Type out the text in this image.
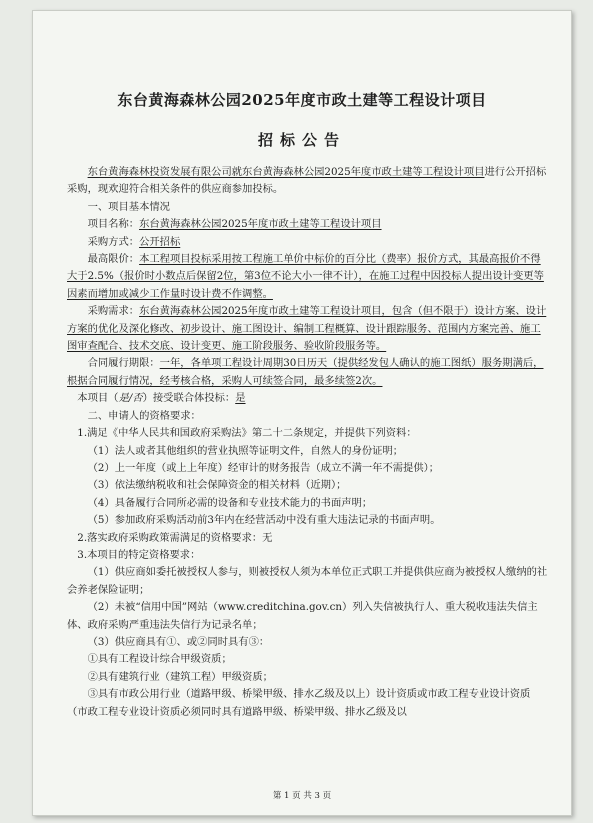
东台黄海森林公园2025年度市政土建等工程设计项目
招标公告

东台黄海森林投资发展有限公司就东台黄海森林公园2025年度市政土建等工程设计项目进行公开招标采购，现欢迎符合相关条件的供应商参加投标。

一、项目基本情况

项目名称：东台黄海森林公园2025年度市政土建等工程设计项目

采购方式：公开招标

最高限价：本工程项目投标采用按工程施工单价中标价的百分比（费率）报价方式，其最高报价不得大于2.5%（报价时小数点后保留2位，第3位不论大小一律不计），在施工过程中因投标人提出设计变更等因素而增加或减少工作量时设计费不作调整。

采购需求：东台黄海森林公园2025年度市政土建等工程设计项目，包含（但不限于）设计方案、设计方案的优化及深化修改、初步设计、施工图设计、编制工程概算、设计跟踪服务、范围内方案完善、施工图审查配合、技术交底、设计变更、施工阶段服务、验收阶段服务等。

合同履行期限：一年，各单项工程设计周期30日历天（提供经发包人确认的施工图纸）服务期满后，根据合同履行情况，经考核合格，采购人可续签合同，最多续签2次。

本项目（是/否）接受联合体投标：是

二、申请人的资格要求：

1.满足《中华人民共和国政府采购法》第二十二条规定，并提供下列资料：

（1）法人或者其他组织的营业执照等证明文件，自然人的身份证明；

（2）上一年度（或上上年度）经审计的财务报告（成立不满一年不需提供）；

（3）依法缴纳税收和社会保障资金的相关材料（近期）；

（4）具备履行合同所必需的设备和专业技术能力的书面声明；

（5）参加政府采购活动前3年内在经营活动中没有重大违法记录的书面声明。

2.落实政府采购政策需满足的资格要求：无

3.本项目的特定资格要求：

（1）供应商如委托被授权人参与，则被授权人须为本单位正式职工并提供供应商为被授权人缴纳的社会养老保险证明；

（2）未被“信用中国”网站（www.creditchina.gov.cn）列入失信被执行人、重大税收违法失信主体、政府采购严重违法失信行为记录名单；

（3）供应商具有①、或②同时具有③：

①具有工程设计综合甲级资质；

②具有建筑行业（建筑工程）甲级资质；

③具有市政公用行业（道路甲级、桥梁甲级、排水乙级及以上）设计资质或市政工程专业设计资质（市政工程专业设计资质必须同时具有道路甲级、桥梁甲级、排水乙级及以

第 1 页 共 3 页
